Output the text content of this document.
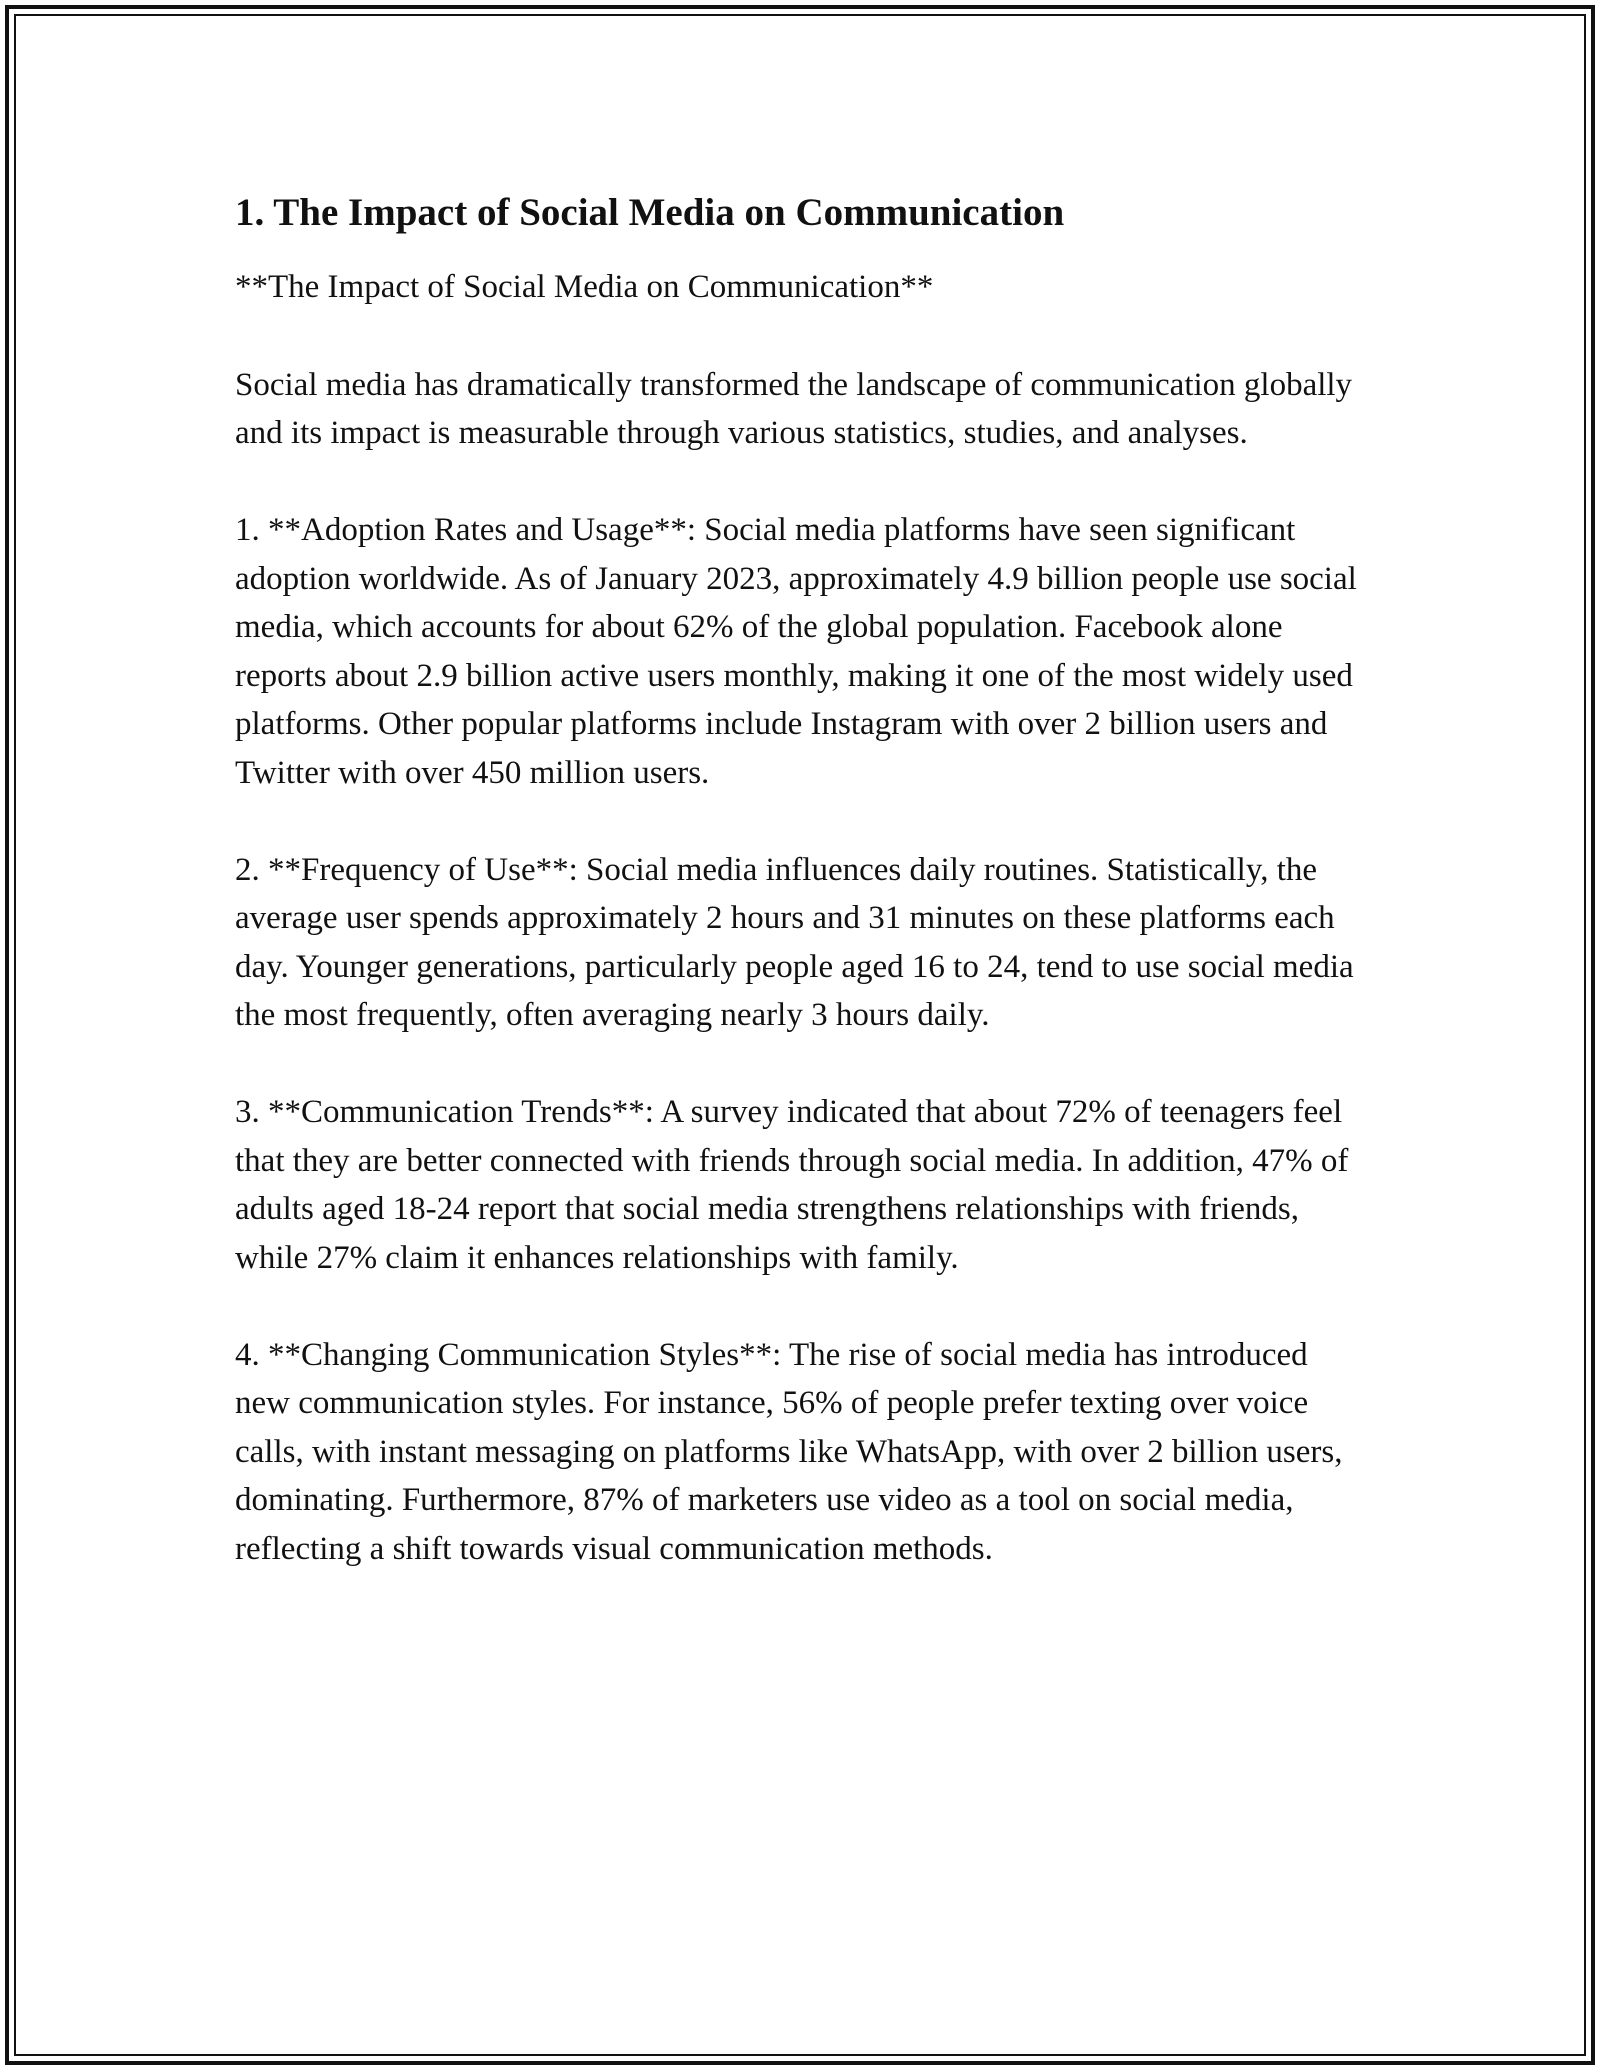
1. The Impact of Social Media on Communication

**The Impact of Social Media on Communication**

Social media has dramatically transformed the landscape of communication globally and its impact is measurable through various statistics, studies, and analyses.

1. **Adoption Rates and Usage**: Social media platforms have seen significant adoption worldwide. As of January 2023, approximately 4.9 billion people use social media, which accounts for about 62% of the global population. Facebook alone reports about 2.9 billion active users monthly, making it one of the most widely used platforms. Other popular platforms include Instagram with over 2 billion users and Twitter with over 450 million users.

2. **Frequency of Use**: Social media influences daily routines. Statistically, the average user spends approximately 2 hours and 31 minutes on these platforms each day. Younger generations, particularly people aged 16 to 24, tend to use social media the most frequently, often averaging nearly 3 hours daily.

3. **Communication Trends**: A survey indicated that about 72% of teenagers feel that they are better connected with friends through social media. In addition, 47% of adults aged 18-24 report that social media strengthens relationships with friends, while 27% claim it enhances relationships with family.

4. **Changing Communication Styles**: The rise of social media has introduced new communication styles. For instance, 56% of people prefer texting over voice calls, with instant messaging on platforms like WhatsApp, with over 2 billion users, dominating. Furthermore, 87% of marketers use video as a tool on social media, reflecting a shift towards visual communication methods.
